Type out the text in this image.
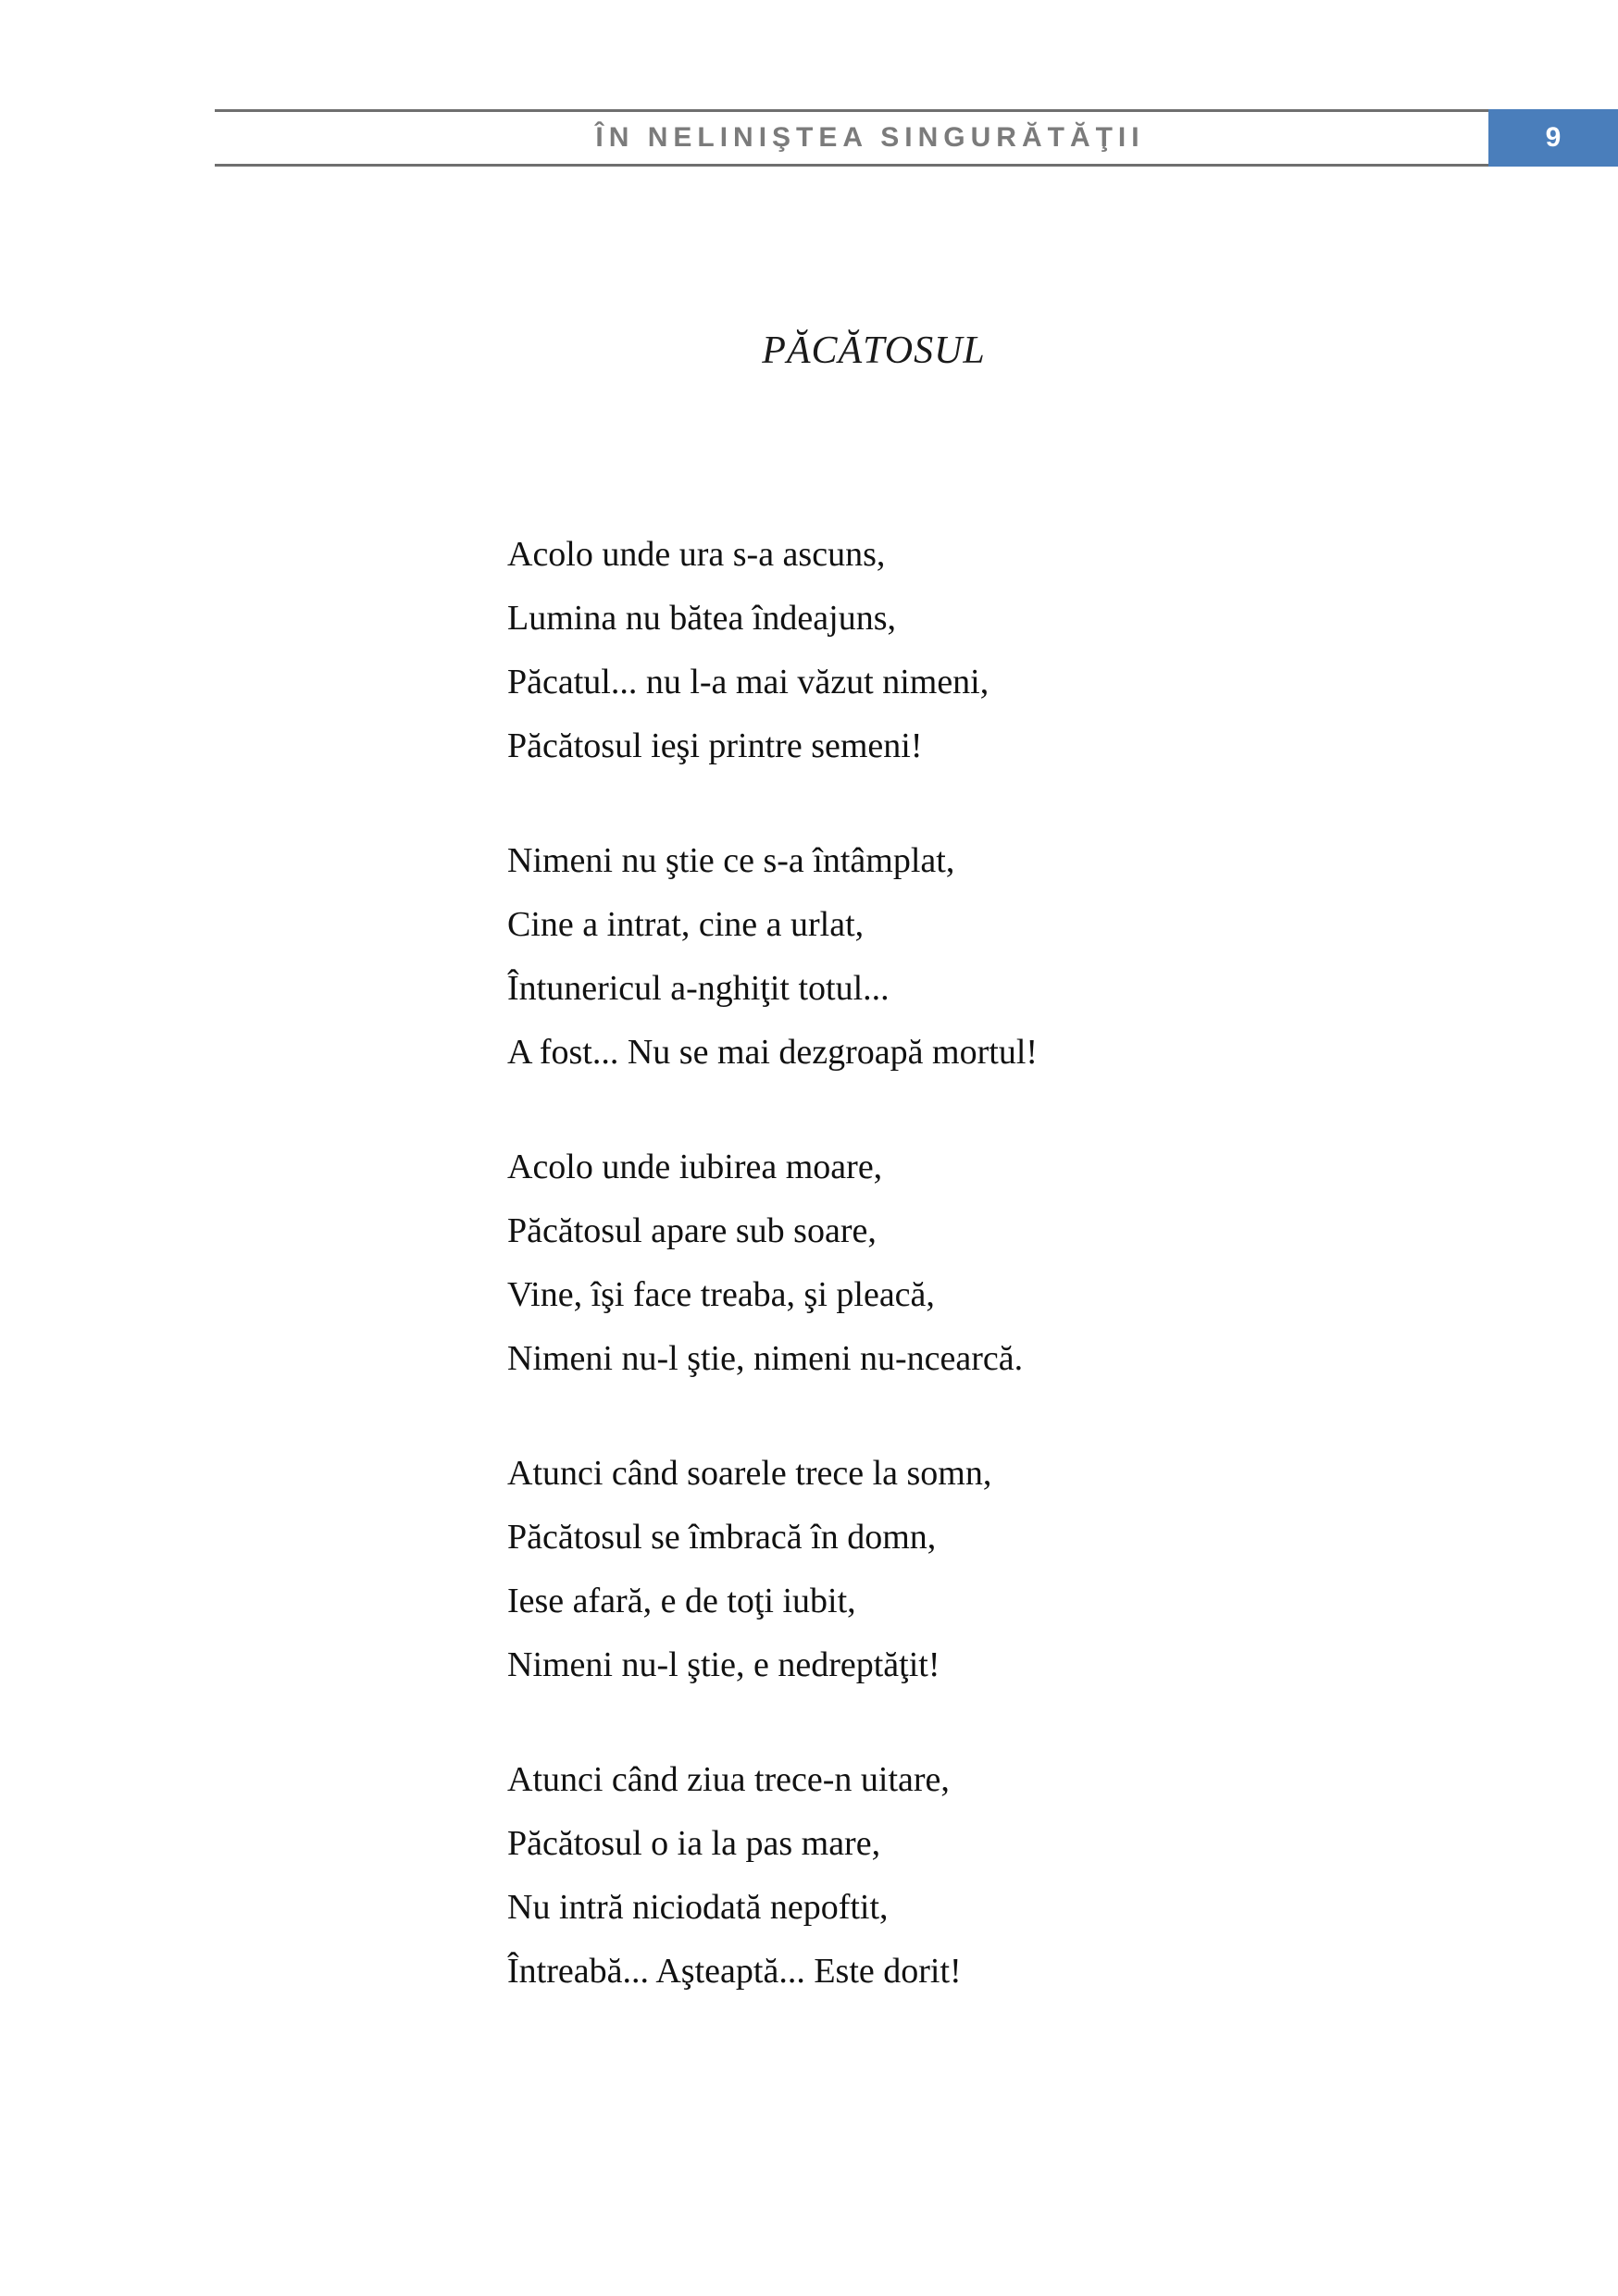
ÎN NELINIŞTEA SINGURĂTĂŢII	9
PĂCĂTOSUL
Acolo unde ura s-a ascuns,
Lumina nu bătea îndeajuns,
Păcatul... nu l-a mai văzut nimeni,
Păcătosul ieşi printre semeni!
Nimeni nu ştie ce s-a întâmplat,
Cine a intrat, cine a urlat,
Întunericul a-nghiţit totul...
A fost... Nu se mai dezgroapă mortul!
Acolo unde iubirea moare,
Păcătosul apare sub soare,
Vine, îşi face treaba, şi pleacă,
Nimeni nu-l ştie, nimeni nu-ncearcă.
Atunci când soarele trece la somn,
Păcătosul se îmbracă în domn,
Iese afară, e de toţi iubit,
Nimeni nu-l ştie, e nedreptăţit!
Atunci când ziua trece-n uitare,
Păcătosul o ia la pas mare,
Nu intră niciodată nepoftit,
Întreabă... Aşteaptă... Este dorit!
